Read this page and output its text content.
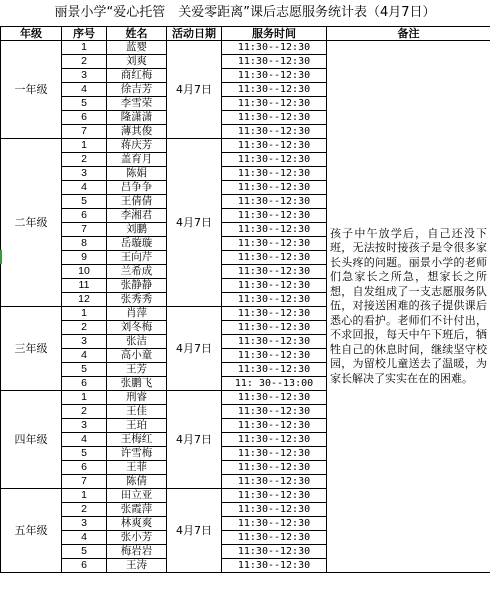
丽景小学“爱心托管　关爱零距离”课后志愿服务统计表（4月7日）
年级	序号	姓名	活动日期	服务时间	备注
一年级	1	蓝婴	4月7日	11:30--12:30	孩子中午放学后，自己还没下班，无法按时接孩子是令很多家长头疼的问题。丽景小学的老师们急家长之所急，想家长之所想，自发组成了一支志愿服务队伍，对接送困难的孩子提供课后悉心的看护。老师们不计付出，不求回报，每天中午下班后，牺牲自己的休息时间，继续坚守校园，为留校儿童送去了温暖，为家长解决了实实在在的困难。
	2	刘爽		11:30--12:30	
	3	商红梅		11:30--12:30	
	4	徐吉芳		11:30--12:30	
	5	李雪荣		11:30--12:30	
	6	隆潇潇		11:30--12:30	
	7	薄其俊		11:30--12:30	
二年级	1	蒋庆芳	4月7日	11:30--12:30	
	2	盖育月		11:30--12:30	
	3	陈娟		11:30--12:30	
	4	吕争争		11:30--12:30	
	5	王倩倩		11:30--12:30	
	6	李湘君		11:30--12:30	
	7	刘鹏		11:30--12:30	
	8	岳璇璇		11:30--12:30	
	9	王向芹		11:30--12:30	
	10	兰希成		11:30--12:30	
	11	张静静		11:30--12:30	
	12	张秀秀		11:30--12:30	
三年级	1	肖萍	4月7日	11:30--12:30	
	2	刘冬梅		11:30--12:30	
	3	张洁		11:30--12:30	
	4	高小童		11:30--12:30	
	5	王芳		11:30--12:30	
	6	张鹏飞		11: 30--13:00	
四年级	1	刑睿	4月7日	11:30--12:30	
	2	王佳		11:30--12:30	
	3	王珀		11:30--12:30	
	4	王梅红		11:30--12:30	
	5	许雪梅		11:30--12:30	
	6	王菲		11:30--12:30	
	7	陈倩		11:30--12:30	
五年级	1	田立亚	4月7日	11:30--12:30	
	2	张霞萍		11:30--12:30	
	3	林爽爽		11:30--12:30	
	4	张小芳		11:30--12:30	
	5	梅岩岩		11:30--12:30	
	6	王涛		11:30--12:30	
